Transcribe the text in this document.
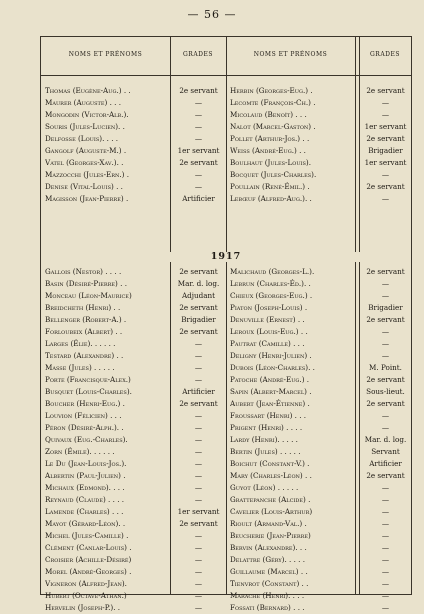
— 56 —
NOMS ET PRÉNOMS	GRADES	NOMS ET PRÉNOMS	GRADES
Thomas (Eugène-Aug.) . .	2e servant	Herbin (Georges-Eug.) .	2e servant
Maurer (Auguste) . . .	—	Lecomte (François-Ch.) .	—
Mongodin (Victor-Alb.).	—	Micolaud (Benoît) . . .	—
Souris (Jules-Lucien). .	—	Nalot (Marcel-Gaston) .	1er servant
Delfosse (Louis). . . .	—	Pollet (Arthur-Jos.) . .	2e servant
Gangolf (Auguste-M.) .	1er servant	Weiss (André-Eug.) . .	Brigadier
Vatel (Georges-Xav.). .	2e servant	Boulhaut (Jules-Louis).	1er servant
Mazzocchi (Jules-Ern.) .	—	Bocquet (Jules-Charles).	—
Denise (Vital-Louis) . .	—	Poullain (René-Émil.) .	2e servant
Magisson (Jean-Pierre) .	Artificier	Lebœuf (Alfred-Aug.). .	—
1917
Gallois (Nestor) . . . .	2e servant	Malichaud (Georges-L.).	2e servant
Basin (Désiré-Pierre) . .	Mar. d. log.	Lebrun (Charles-Éd.). .	—
Monceau (Léon-Maurice)	Adjudant	Chieux (Georges-Eug.) .	—
Breidcheth (Henri) . .	2e servant	Piaton (Joseph-Louis) .	Brigadier
Bellenger (Robert-A.) .	Brigadier	Denuville (Ernest) . .	2e servant
Forloubeix (Albert) . .	2e servant	Leroux (Louis-Eug.) . .	—
Larges (Élie). . . . . .	—	Pautrat (Camille) . . .	—
Testard (Alexandre) . .	—	Deligny (Henri-Julien) .	—
Masse (Jules) . . . . .	—	Dubois (Léon-Charles). .	M. Point.
Porte (Francisque-Alex.)	—	Patoche (André-Eug.) .	2e servant
Busquet (Louis-Charles).	Artificier	Sapin (Albert-Marcel) .	Sous-lieut.
Boucher (Henri-Eug.) .	2e servant	Aubert (Jean-Étienne) .	2e servant
Louvion (Félicien) . . .	—	Froussart (Henri) . . .	—
Péron (Désiré-Alph.). .	—	Prigent (Henri) . . . .	—
Quivaux (Eug.-Charles).	—	Lardy (Henri). . . . .	Mar. d. log.
Zorn (Émile). . . . . .	—	Bertin (Jules) . . . . .	Servant
Le Du (Jean-Louis-Jos.).	—	Boichut (Constant-V.) .	Artificier
Albertin (Paul-Julien) .	—	Mary (Charles-Léon) . .	2e servant
Michaux (Edmond). . . .	—	Guyot (Léon) . . . . .	—
Reynaud (Claude) . . . .	—	Grattepanche (Alcide) .	—
Lamende (Charles) . . .	1er servant	Cavelier (Louis-Arthur)	—
Mayot (Gérard-Léon). .	2e servant	Rioult (Armand-Val.) .	—
Michel (Jules-Camille) .	—	Beucherie (Jean-Pierre)	—
Clément (Canlar-Louis) .	—	Bervin (Alexandre). . .	—
Croisier (Achille-Désiré)	—	Delattre (Géry). . . . .	—
Morel (André-Georges) .	—	Guillaume (Marcel) . .	—
Vigneron (Alfred-Jean).	—	Tienvrot (Constant) . .	—
Hubert (Octave-Athan.)	—	Marache (Henri). . . .	—
Hervelin (Joseph-P.). .	—	Fossati (Bernard) . . .	—
